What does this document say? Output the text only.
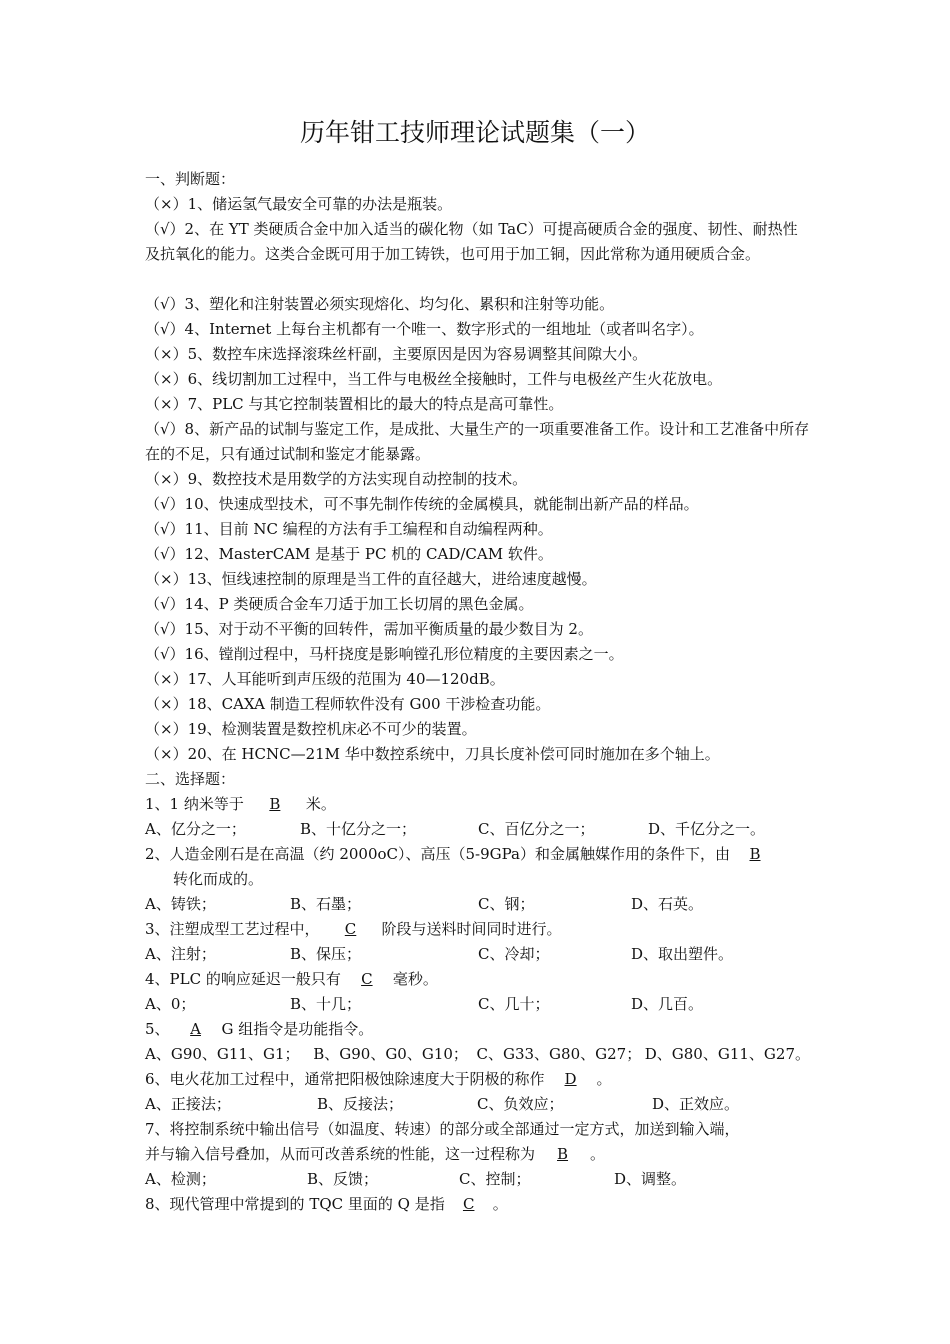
历年钳工技师理论试题集（一）
一、判断题：
（×）1、储运氢气最安全可靠的办法是瓶装。
（√）2、在 YT 类硬质合金中加入适当的碳化物（如 TaC）可提高硬质合金的强度、韧性、耐热性及抗氧化的能力。这类合金既可用于加工铸铁，也可用于加工铜，因此常称为通用硬质合金。
（√）3、塑化和注射装置必须实现熔化、均匀化、累积和注射等功能。
（√）4、Internet 上每台主机都有一个唯一、数字形式的一组地址（或者叫名字）。
（×）5、数控车床选择滚珠丝杆副，主要原因是因为容易调整其间隙大小。
（×）6、线切割加工过程中，当工件与电极丝全接触时，工件与电极丝产生火花放电。
（×）7、PLC 与其它控制装置相比的最大的特点是高可靠性。
（√）8、新产品的试制与鉴定工作，是成批、大量生产的一项重要准备工作。设计和工艺准备中所存在的不足，只有通过试制和鉴定才能暴露。
（×）9、数控技术是用数学的方法实现自动控制的技术。
（√）10、快速成型技术，可不事先制作传统的金属模具，就能制出新产品的样品。
（√）11、目前 NC 编程的方法有手工编程和自动编程两种。
（√）12、MasterCAM 是基于 PC 机的 CAD/CAM 软件。
（×）13、恒线速控制的原理是当工件的直径越大，进给速度越慢。
（√）14、P 类硬质合金车刀适于加工长切屑的黑色金属。
（√）15、对于动不平衡的回转件，需加平衡质量的最少数目为 2。
（√）16、镗削过程中，马杆挠度是影响镗孔形位精度的主要因素之一。
（×）17、人耳能听到声压级的范围为 40—120dB。
（×）18、CAXA 制造工程师软件没有 G00 干涉检查功能。
（×）19、检测装置是数控机床必不可少的装置。
（×）20、在 HCNC—21M 华中数控系统中，刀具长度补偿可同时施加在多个轴上。
二、选择题：
1、1 纳米等于 B 米。
A、亿分之一；	B、十亿分之一；	C、百亿分之一；	D、千亿分之一。
2、人造金刚石是在高温（约 2000oC）、高压（5-9GPa）和金属触媒作用的条件下，由 B
转化而成的。
A、铸铁；	B、石墨；	C、钢；	D、石英。
3、注塑成型工艺过程中， C 阶段与送料时间同时进行。
A、注射；	B、保压；	C、冷却；	D、取出塑件。
4、PLC 的响应延迟一般只有 C 毫秒。
A、0；	B、十几；	C、几十；	D、几百。
5、 A G 组指令是功能指令。
A、G90、G11、G1； B、G90、G0、G10； C、G33、G80、G27； D、G80、G11、G27。
6、电火花加工过程中，通常把阳极蚀除速度大于阴极的称作 D 。
A、正接法；	B、反接法；	C、负效应；	D、正效应。
7、将控制系统中输出信号（如温度、转速）的部分或全部通过一定方式，加送到输入端，
并与输入信号叠加，从而可改善系统的性能，这一过程称为 B 。
A、检测；	B、反馈；	C、控制；	D、调整。
8、现代管理中常提到的 TQC 里面的 Q 是指 C 。
